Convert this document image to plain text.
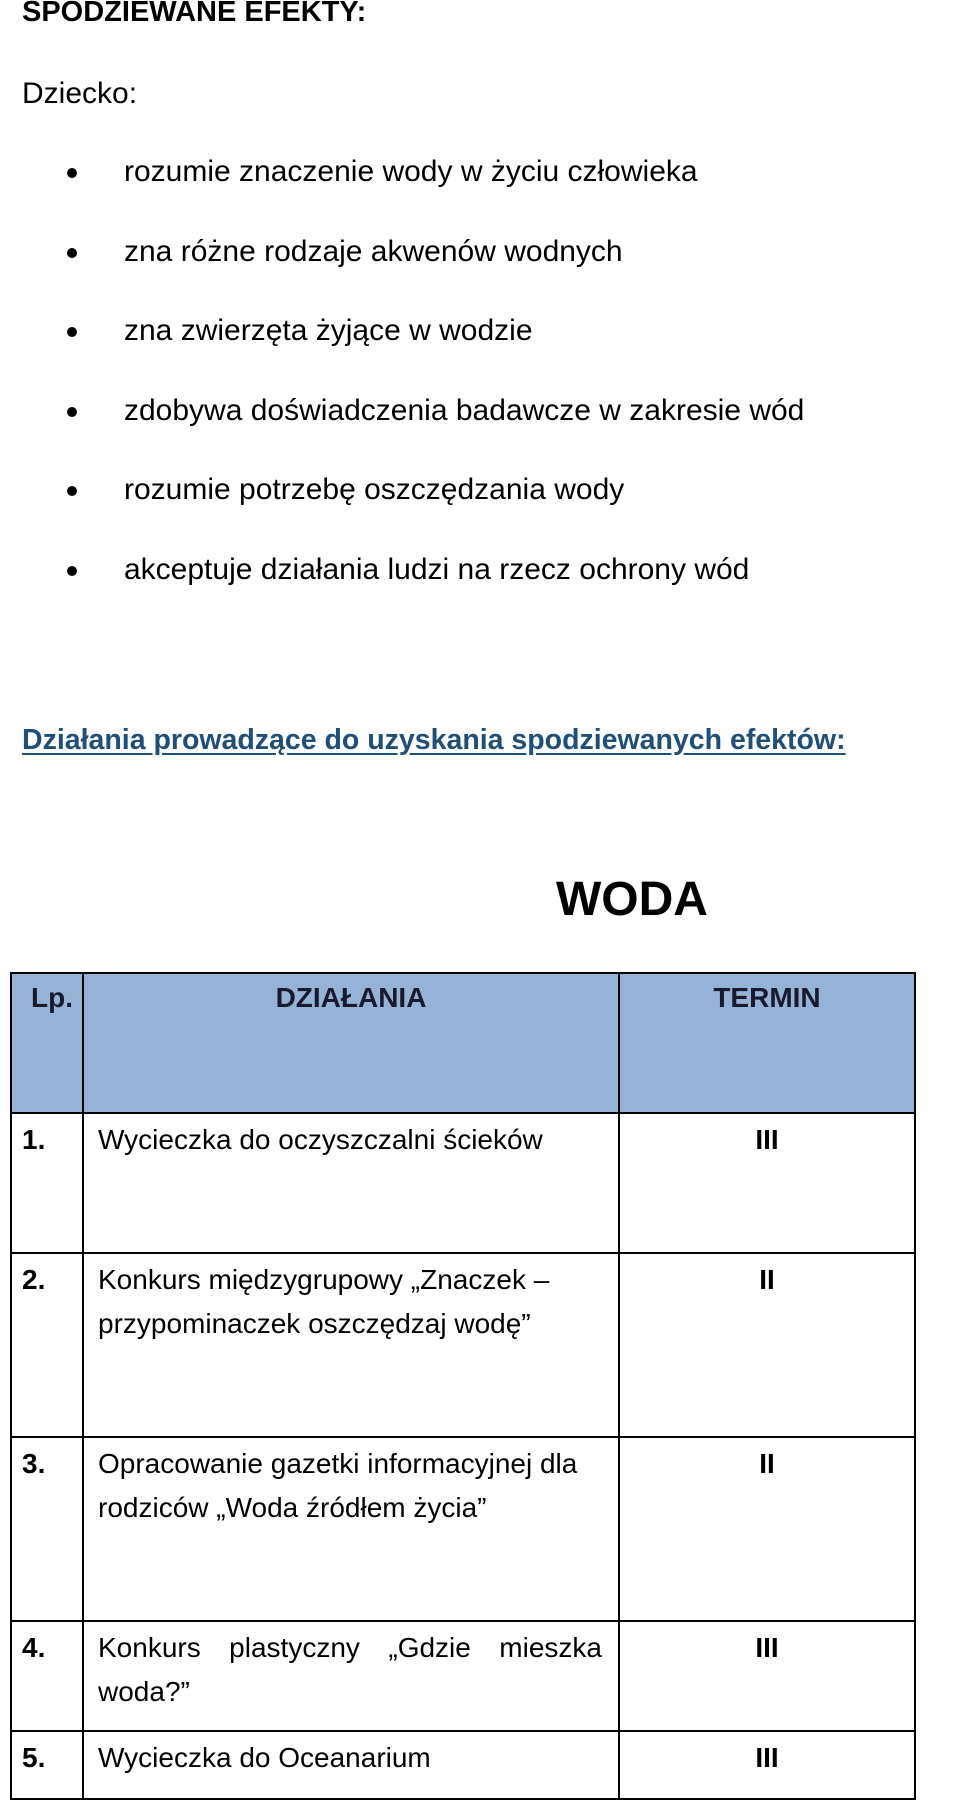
SPODZIEWANE EFEKTY:

Dziecko:

rozumie znaczenie wody w życiu człowieka
zna różne rodzaje akwenów wodnych
zna zwierzęta żyjące w wodzie
zdobywa doświadczenia badawcze w zakresie wód
rozumie potrzebę oszczędzania wody
akceptuje działania ludzi na rzecz ochrony wód
Działania prowadzące do uzyskania spodziewanych efektów:
WODA
Lp.	DZIAŁANIA	TERMIN

1.	Wycieczka do oczyszczalni ścieków	III

2.	Konkurs międzygrupowy „Znaczek – przypominaczek oszczędzaj wodę”	II

3.	Opracowanie gazetki informacyjnej dla rodziców „Woda źródłem życia”	II

4.	Konkurs plastyczny „Gdzie mieszka woda?”	III

5.	Wycieczka do Oceanarium	III
